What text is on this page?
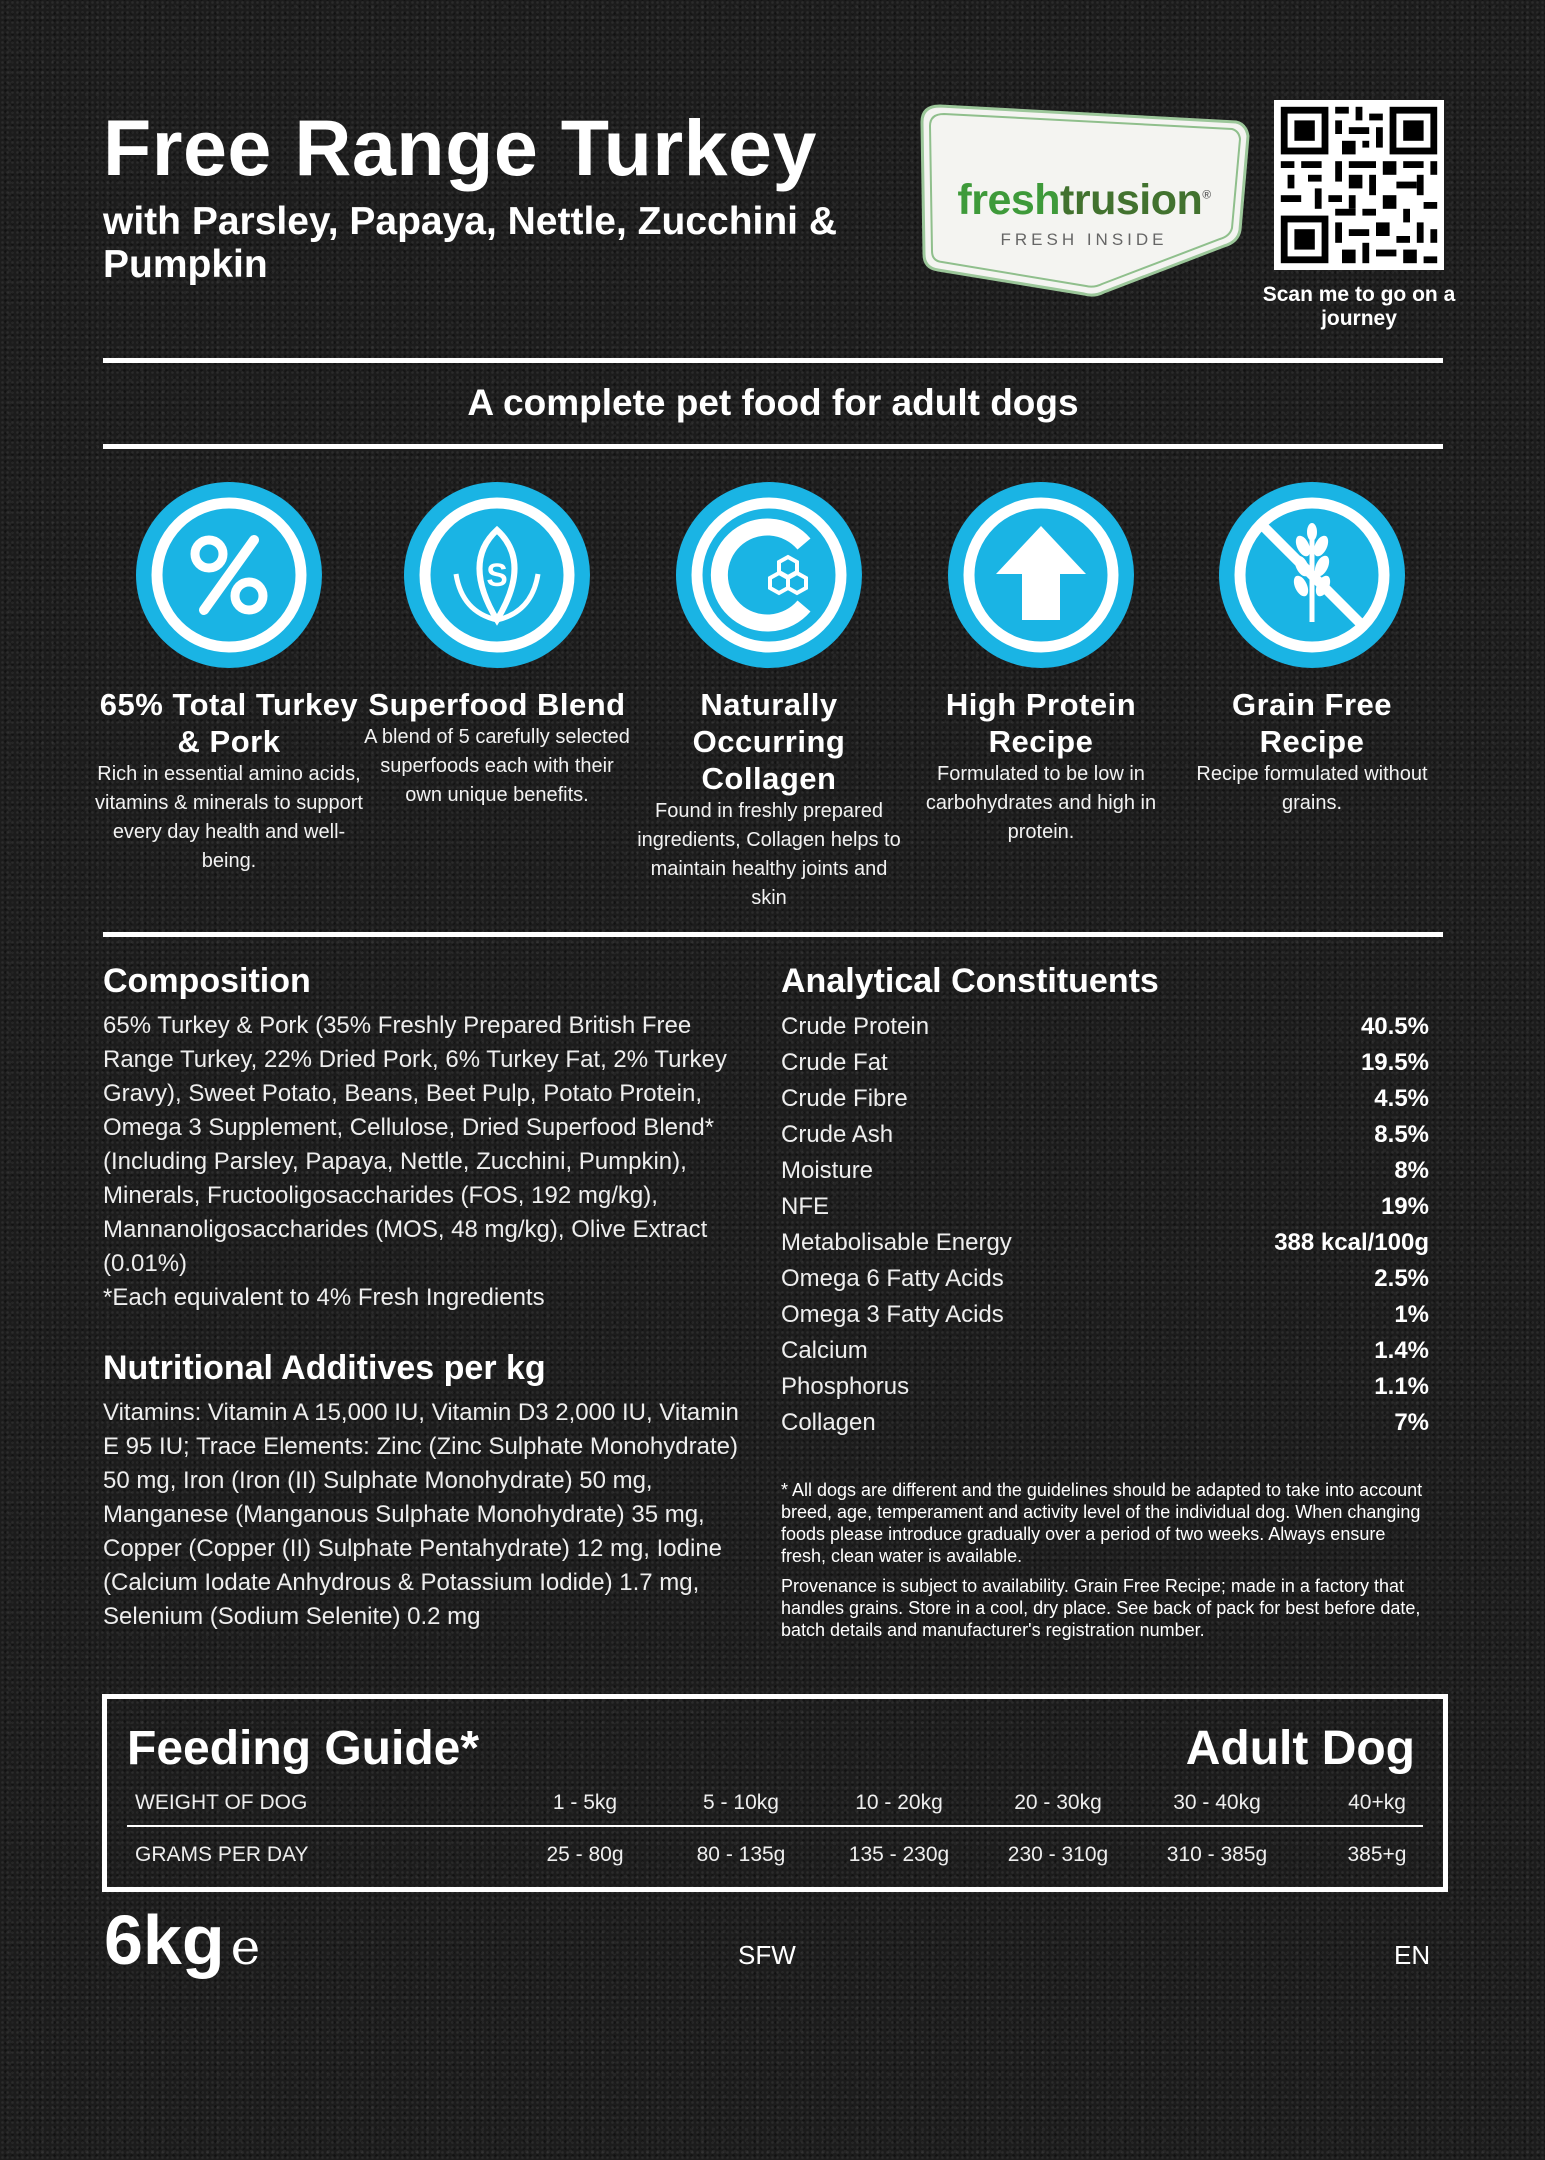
Free Range Turkey

with Parsley, Papaya, Nettle, Zucchini & Pumpkin

freshtrusion®
FRESH INSIDE
Scan me to go on a journey
A complete pet food for adult dogs
65% Total Turkey & Pork
Rich in essential amino acids, vitamins & minerals to support every day health and well-being.
S
Superfood Blend
A blend of 5 carefully selected superfoods each with their own unique benefits.
Naturally Occurring Collagen
Found in freshly prepared ingredients, Collagen helps to maintain healthy joints and skin
High Protein Recipe
Formulated to be low in carbohydrates and high in protein.
Grain Free Recipe
Recipe formulated without grains.
Composition

65% Turkey & Pork (35% Freshly Prepared British Free Range Turkey, 22% Dried Pork, 6% Turkey Fat, 2% Turkey Gravy), Sweet Potato, Beans, Beet Pulp, Potato Protein, Omega 3 Supplement, Cellulose, Dried Superfood Blend* (Including Parsley, Papaya, Nettle, Zucchini, Pumpkin), Minerals, Fructooligosaccharides (FOS, 192 mg/kg), Mannanoligosaccharides (MOS, 48 mg/kg), Olive Extract (0.01%)

*Each equivalent to 4% Fresh Ingredients

Nutritional Additives per kg

Vitamins: Vitamin A 15,000 IU, Vitamin D3 2,000 IU, Vitamin E 95 IU; Trace Elements: Zinc (Zinc Sulphate Monohydrate) 50 mg, Iron (Iron (II) Sulphate Monohydrate) 50 mg, Manganese (Manganous Sulphate Monohydrate) 35 mg, Copper (Copper (II) Sulphate Pentahydrate) 12 mg, Iodine (Calcium Iodate Anhydrous & Potassium Iodide) 1.7 mg, Selenium (Sodium Selenite) 0.2 mg

Analytical Constituents
Crude Protein	40.5%
Crude Fat	19.5%
Crude Fibre	4.5%
Crude Ash	8.5%
Moisture	8%
NFE	19%
Metabolisable Energy	388 kcal/100g
Omega 6 Fatty Acids	2.5%
Omega 3 Fatty Acids	1%
Calcium	1.4%
Phosphorus	1.1%
Collagen	7%

* All dogs are different and the guidelines should be adapted to take into account breed, age, temperament and activity level of the individual dog. When changing foods please introduce gradually over a period of two weeks. Always ensure fresh, clean water is available.

Provenance is subject to availability. Grain Free Recipe; made in a factory that handles grains. Store in a cool, dry place. See back of pack for best before date, batch details and manufacturer's registration number.

Feeding Guide*	Adult Dog
WEIGHT OF DOG	1 - 5kg	5 - 10kg	10 - 20kg	20 - 30kg	30 - 40kg	40+kg
GRAMS PER DAY	25 - 80g	80 - 135g	135 - 230g	230 - 310g	310 - 385g	385+g
6kg e	SFW	EN
